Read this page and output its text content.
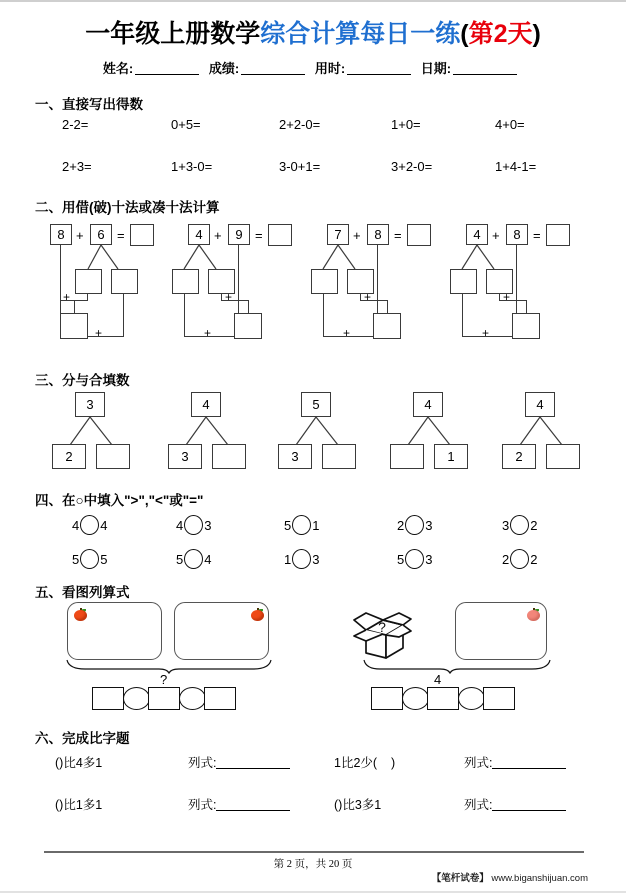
一年级上册数学综合计算每日一练(第2天)
姓名:	成绩:	用时:	日期:
一、直接写出得数
2-2=	0+5=	2+2-0=	1+0=	4+0=
2+3=	1+3-0=	3-0+1=	3+2-0=	1+4-1=
二、用借(破)十法或凑十法计算
8 +	6 =
+
+
4 +	9 =
+
+
7 +	8 =
+
+
4 +	8 =
+
+
三、分与合填数
3
2
4
3
5
3
4
1
4
2
四、在○中填入">","<"或"="
4 4	4 3	5 1	2 3	3 2
5 5	5 4	1 3	5 3	2 2
五、看图列算式
?
?
4
六、完成比字题
()比4多1	列式:	1比2少( )	列式:
()比1多1	列式:	()比3多1	列式:
第 2 页，共 20 页
【笔杆试卷】 www.biganshijuan.com
